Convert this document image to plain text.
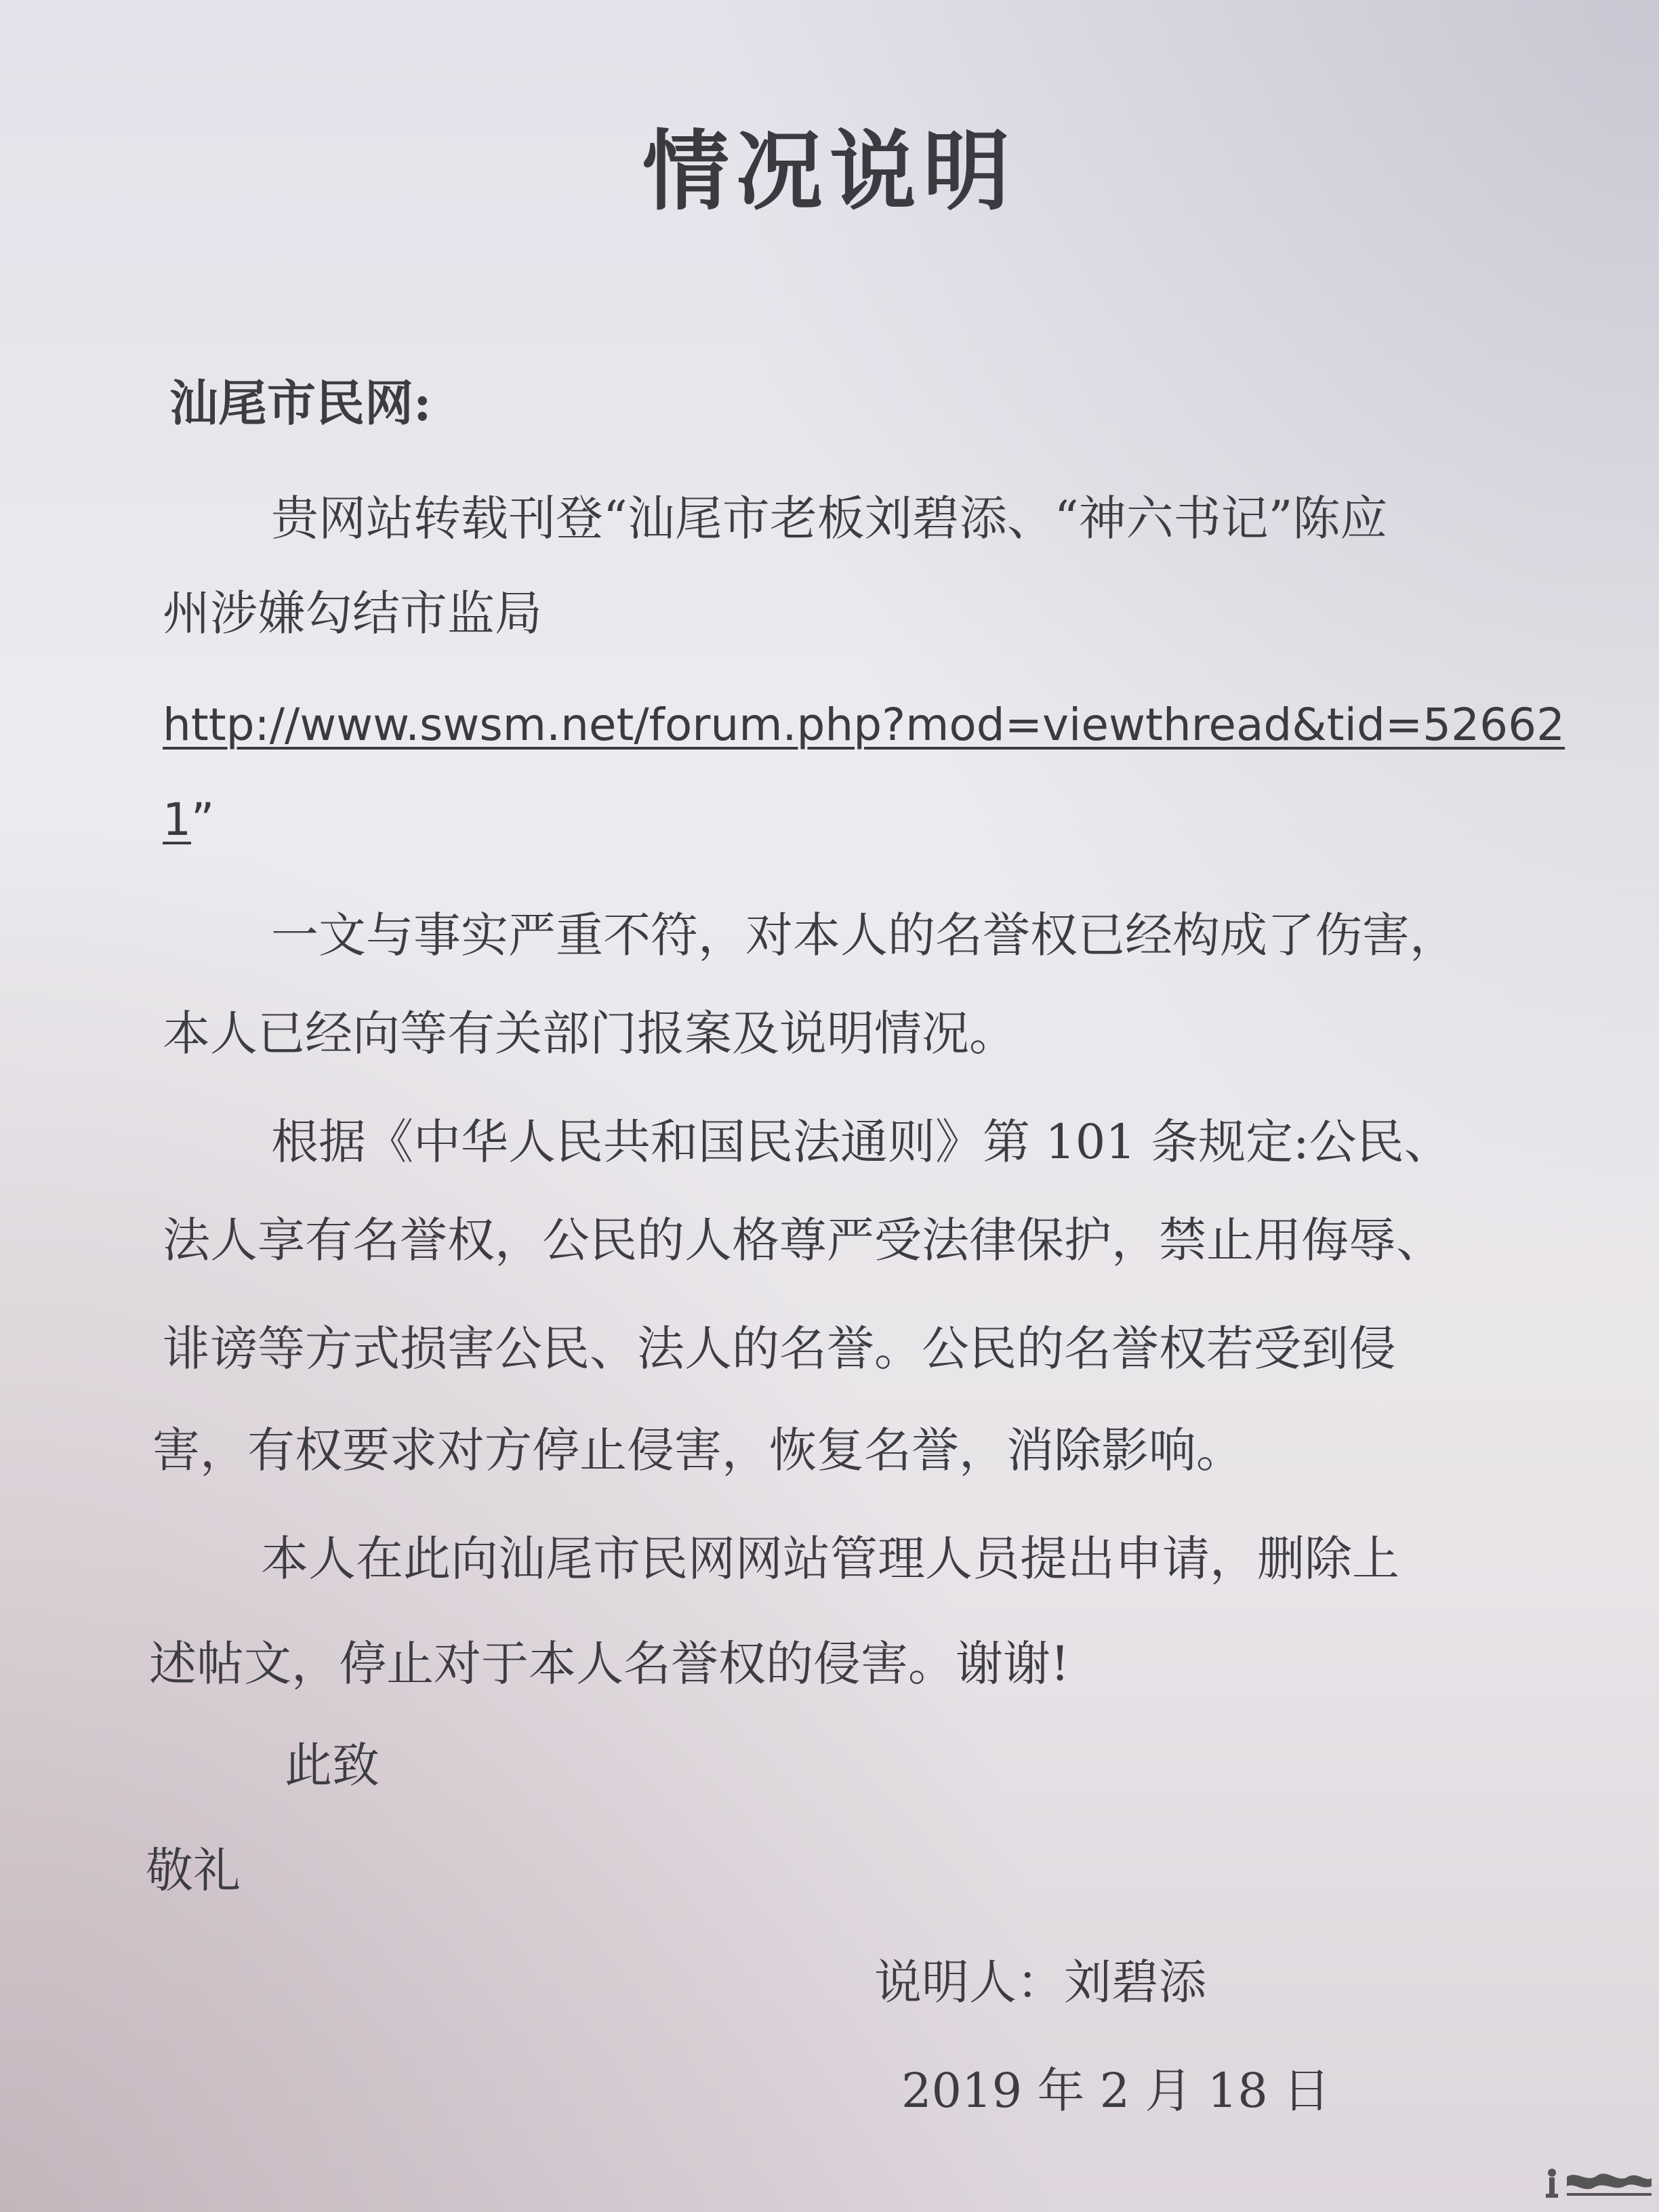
情况说明
汕尾市民网:
贵网站转载刊登“汕尾市老板刘碧添、“神六书记”陈应
州涉嫌勾结市监局
http://www.swsm.net/forum.php?mod=viewthread&tid=52662
1”
一文与事实严重不符，对本人的名誉权已经构成了伤害，
本人已经向等有关部门报案及说明情况。
根据《中华人民共和国民法通则》第 101 条规定:公民、
法人享有名誉权，公民的人格尊严受法律保护，禁止用侮辱、
诽谤等方式损害公民、法人的名誉。公民的名誉权若受到侵
害，有权要求对方停止侵害，恢复名誉，消除影响。
本人在此向汕尾市民网网站管理人员提出申请，删除上
述帖文，停止对于本人名誉权的侵害。谢谢!
此致
敬礼
说明人：刘碧添
2019 年 2 月 18 日
